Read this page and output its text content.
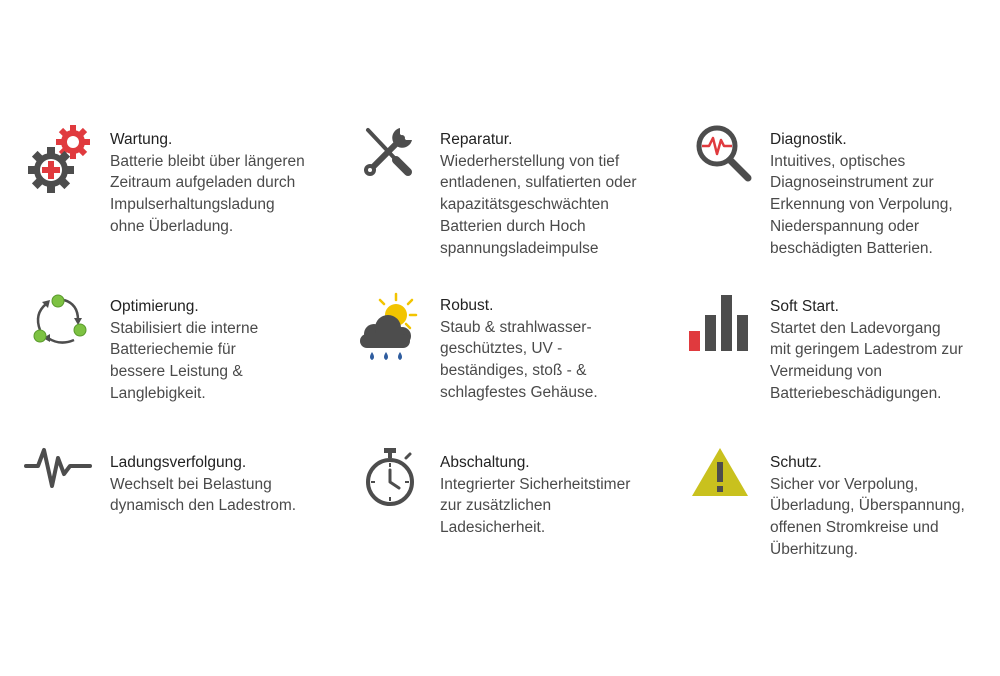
Wartung.
Batterie bleibt über längeren
Zeitraum aufgeladen durch
Impulserhaltungsladung
ohne Überladung.
Reparatur.
Wiederherstellung von tief
entladenen, sulfatierten oder
kapazitätsgeschwächten
Batterien durch Hoch
spannungsladeimpulse
Diagnostik.
Intuitives, optisches
Diagnoseinstrument zur
Erkennung von Verpolung,
Niederspannung oder
beschädigten Batterien.
Optimierung.
Stabilisiert die interne
Batteriechemie für
bessere Leistung &
Langlebigkeit.
Robust.
Staub & strahlwasser-
geschütztes, UV -
beständiges, stoß - &
schlagfestes Gehäuse.
Soft Start.
Startet den Ladevorgang
mit geringem Ladestrom zur
Vermeidung von
Batteriebeschädigungen.
Ladungsverfolgung.
Wechselt bei Belastung
dynamisch den Ladestrom.
Abschaltung.
Integrierter Sicherheitstimer
zur zusätzlichen
Ladesicherheit.
Schutz.
Sicher vor Verpolung,
Überladung, Überspannung,
offenen Stromkreise und
Überhitzung.
